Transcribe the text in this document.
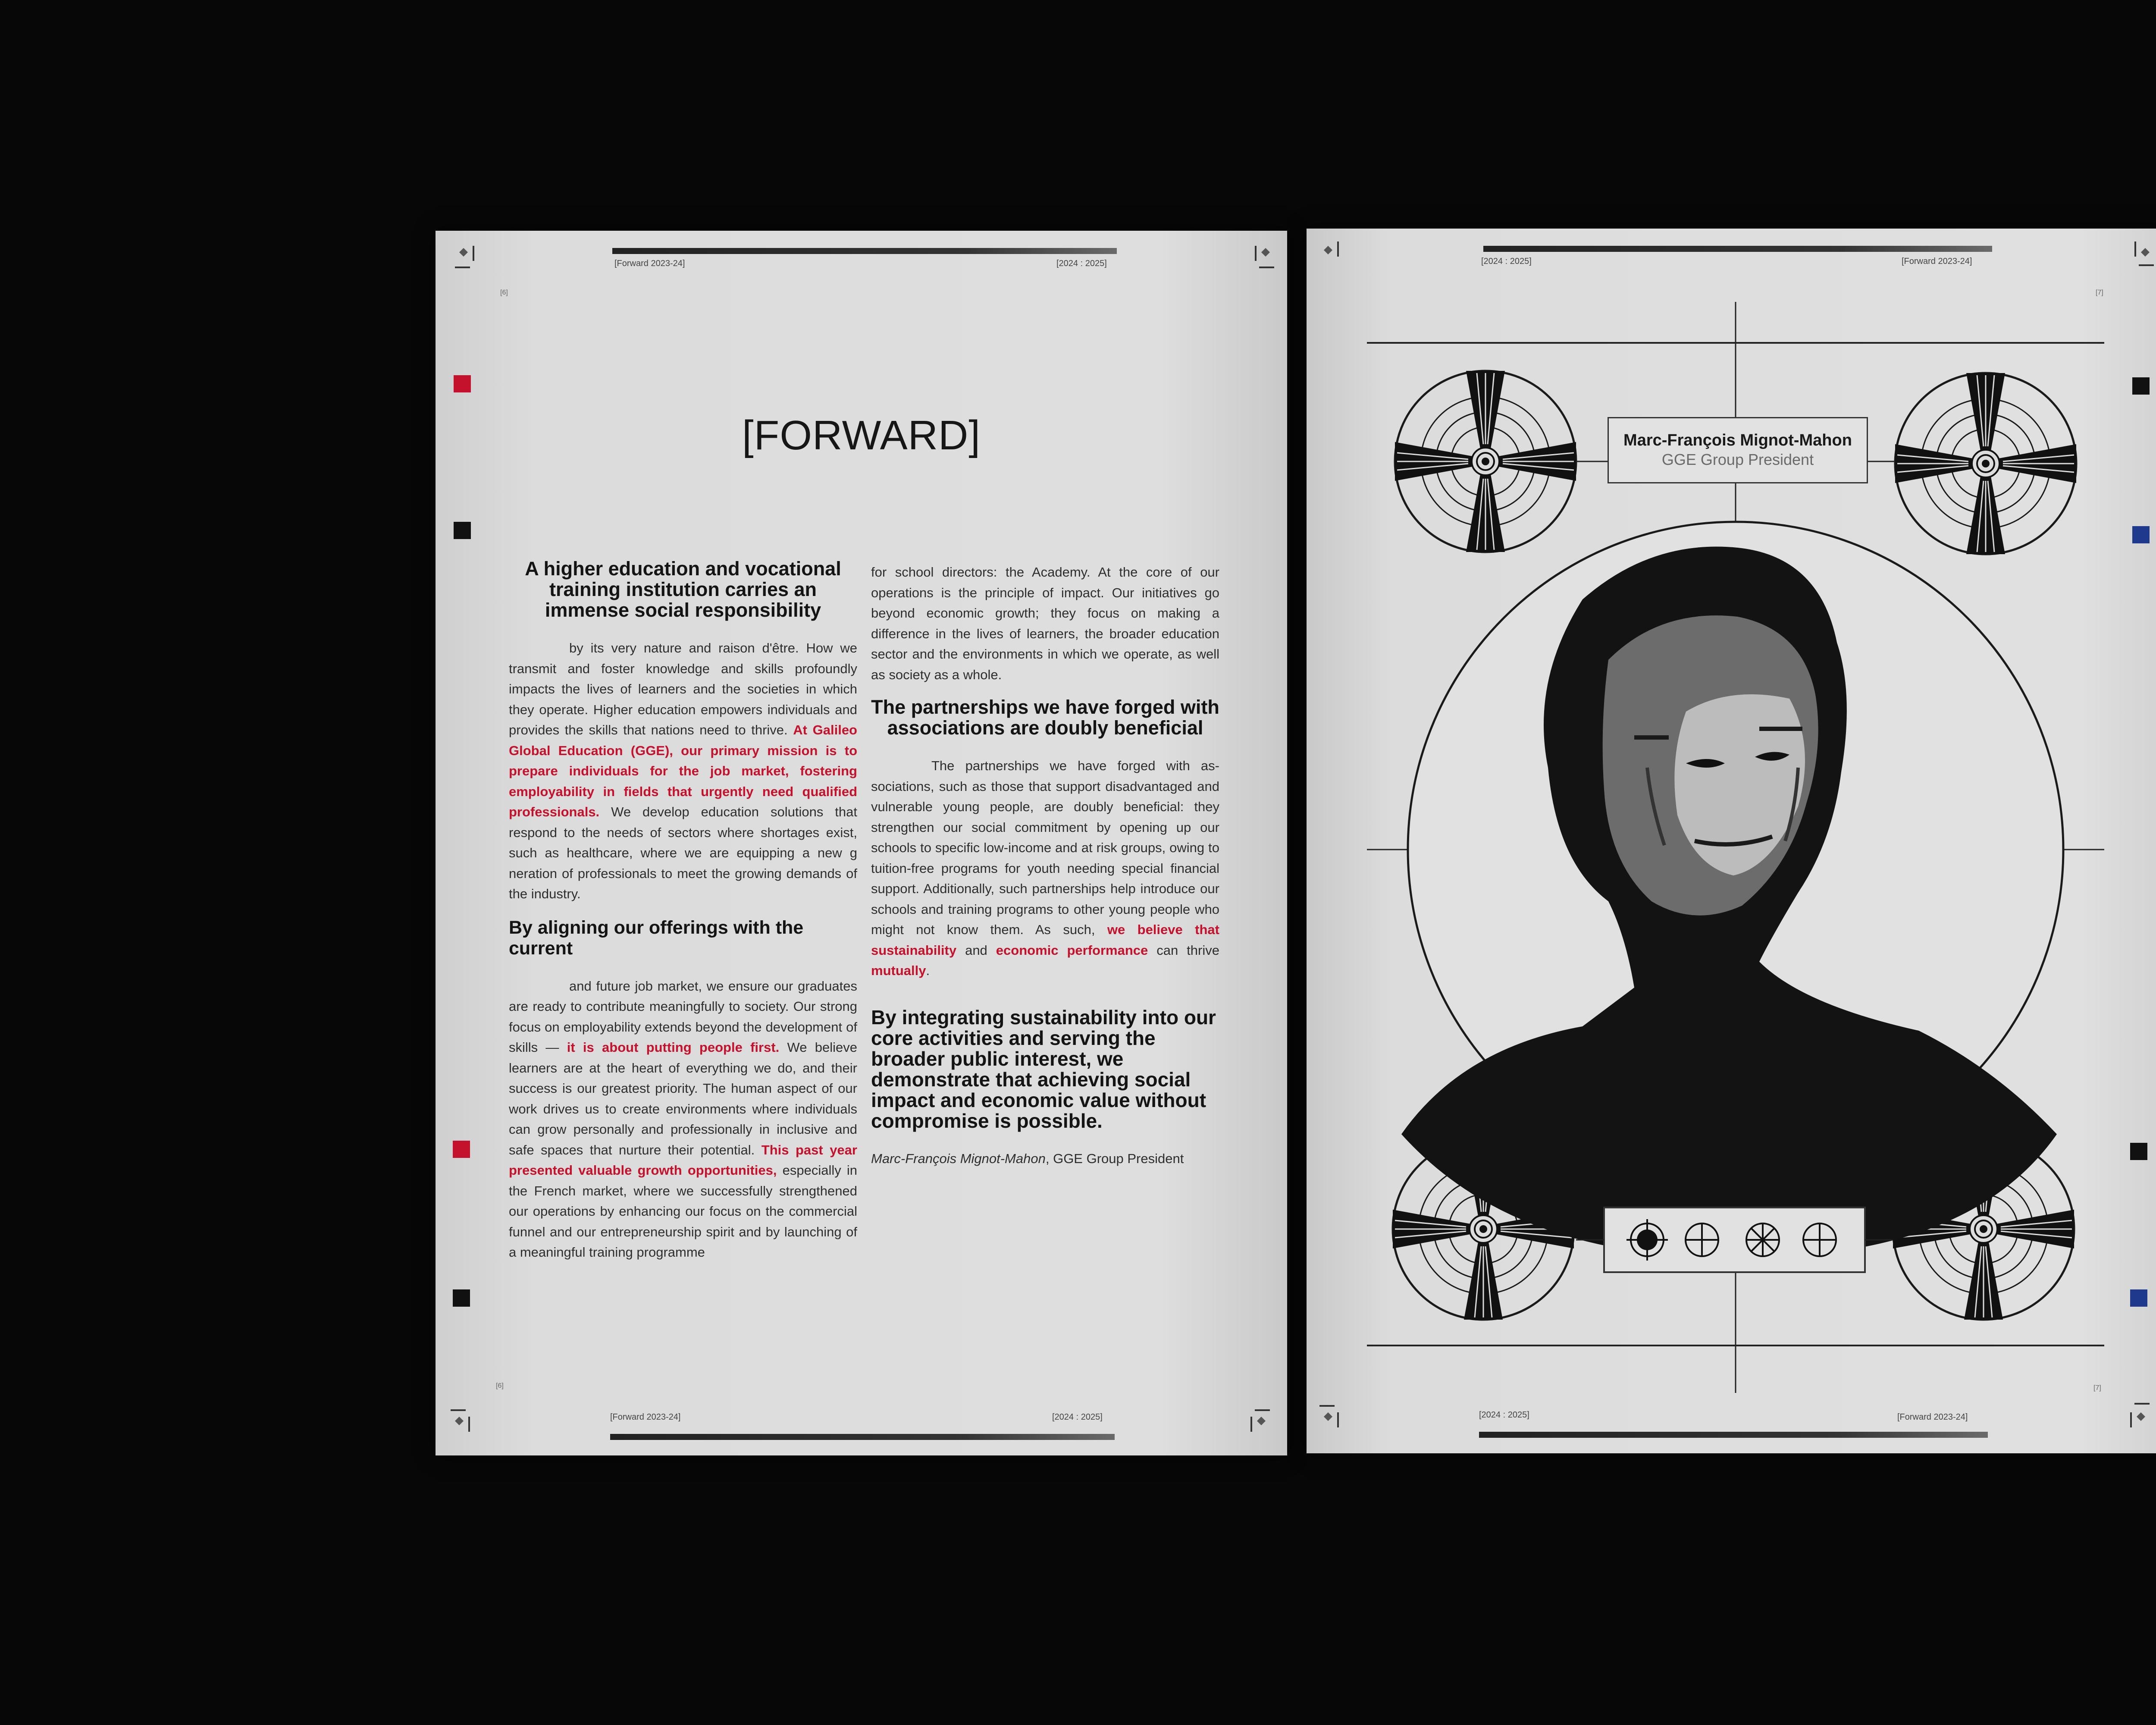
[Forward 2023-24]	[2024 : 2025]
[6]
[FORWARD]

A higher education and vocational training institution carries an immense social responsibility

by its very nature and raison d'être. How we transmit and foster knowledge and skills profoundly impacts the lives of learners and the societies in which they operate. Higher education empowers individuals and provides the skills that nations need to thrive. At Galileo Global Education (GGE), our primary mission is to prepare individuals for the job market, fostering employability in fields that urgently need qualified professionals. We develop education solutions that respond to the needs of sectors where shortages exist, such as healthcare, where we are equipping a new g neration of professionals to meet the growing demands of the industry.

By aligning our offerings with the current

and future job market, we ensure our graduates are ready to contribute meaningfully to society. Our strong focus on employability extends beyond the development of skills — it is about putting people first. We believe learners are at the heart of everything we do, and their success is our greatest priority. The human aspect of our work drives us to create environments where individuals can grow personally and professionally in inclusive and safe spaces that nurture their potential. This past year presented valuable growth opportunities, especially in the French market, where we successfully strengthened our operations by enhancing our focus on the commercial funnel and our entrepreneurship spirit and by launching of a meaningful training programme

for school directors: the Academy. At the core of our operations is the principle of impact. Our initiatives go beyond economic growth; they focus on making a difference in the lives of learners, the broader education sector and the environments in which we operate, as well as society as a whole.

The partnerships we have forged with associations are doubly beneficial

The partnerships we have forged with as-sociations, such as those that support disadvantaged and vulnerable young people, are doubly beneficial: they strengthen our social commitment by opening up our schools to specific low-income and at risk groups, owing to tuition-free programs for youth needing special financial support. Additionally, such partnerships help introduce our schools and training programs to other young people who might not know them. As such, we believe that sustainability and economic performance can thrive mutually.

By integrating sustainability into our core activities and serving the broader public interest, we demonstrate that achieving social impact and economic value without compromise is possible.

Marc-François Mignot-Mahon, GGE Group President

[6]
[Forward 2023-24]	[2024 : 2025]
[2024 : 2025]	[Forward 2023-24]
[7]
Marc-François Mignot-Mahon
GGE Group President
[7]
[2024 : 2025]	[Forward 2023-24]
